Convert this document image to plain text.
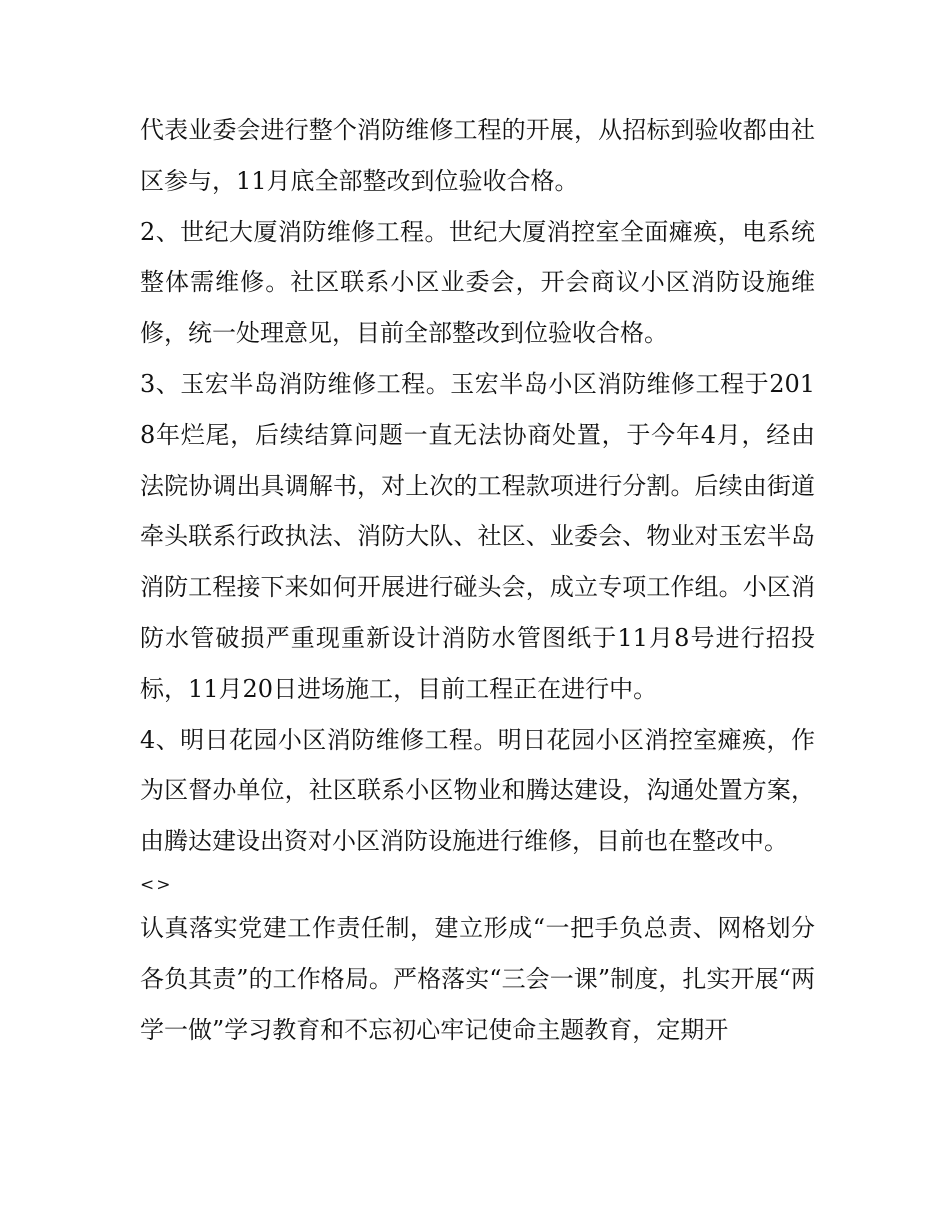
代表业委会进行整个消防维修工程的开展，从招标到验收都由社区参与，11月底全部整改到位验收合格。

2、世纪大厦消防维修工程。世纪大厦消控室全面瘫痪，电系统整体需维修。社区联系小区业委会，开会商议小区消防设施维修，统一处理意见，目前全部整改到位验收合格。

3、玉宏半岛消防维修工程。玉宏半岛小区消防维修工程于2018年烂尾，后续结算问题一直无法协商处置，于今年4月，经由法院协调出具调解书，对上次的工程款项进行分割。后续由街道牵头联系行政执法、消防大队、社区、业委会、物业对玉宏半岛消防工程接下来如何开展进行碰头会，成立专项工作组。小区消防水管破损严重现重新设计消防水管图纸于11月8号进行招投标，11月20日进场施工，目前工程正在进行中。

4、明日花园小区消防维修工程。明日花园小区消控室瘫痪，作为区督办单位，社区联系小区物业和腾达建设，沟通处置方案，由腾达建设出资对小区消防设施进行维修，目前也在整改中。

<>

认真落实党建工作责任制，建立形成“一把手负总责、网格划分各负其责”的工作格局。严格落实“三会一课”制度，扎实开展“两学一做”学习教育和不忘初心牢记使命主题教育，定期开
